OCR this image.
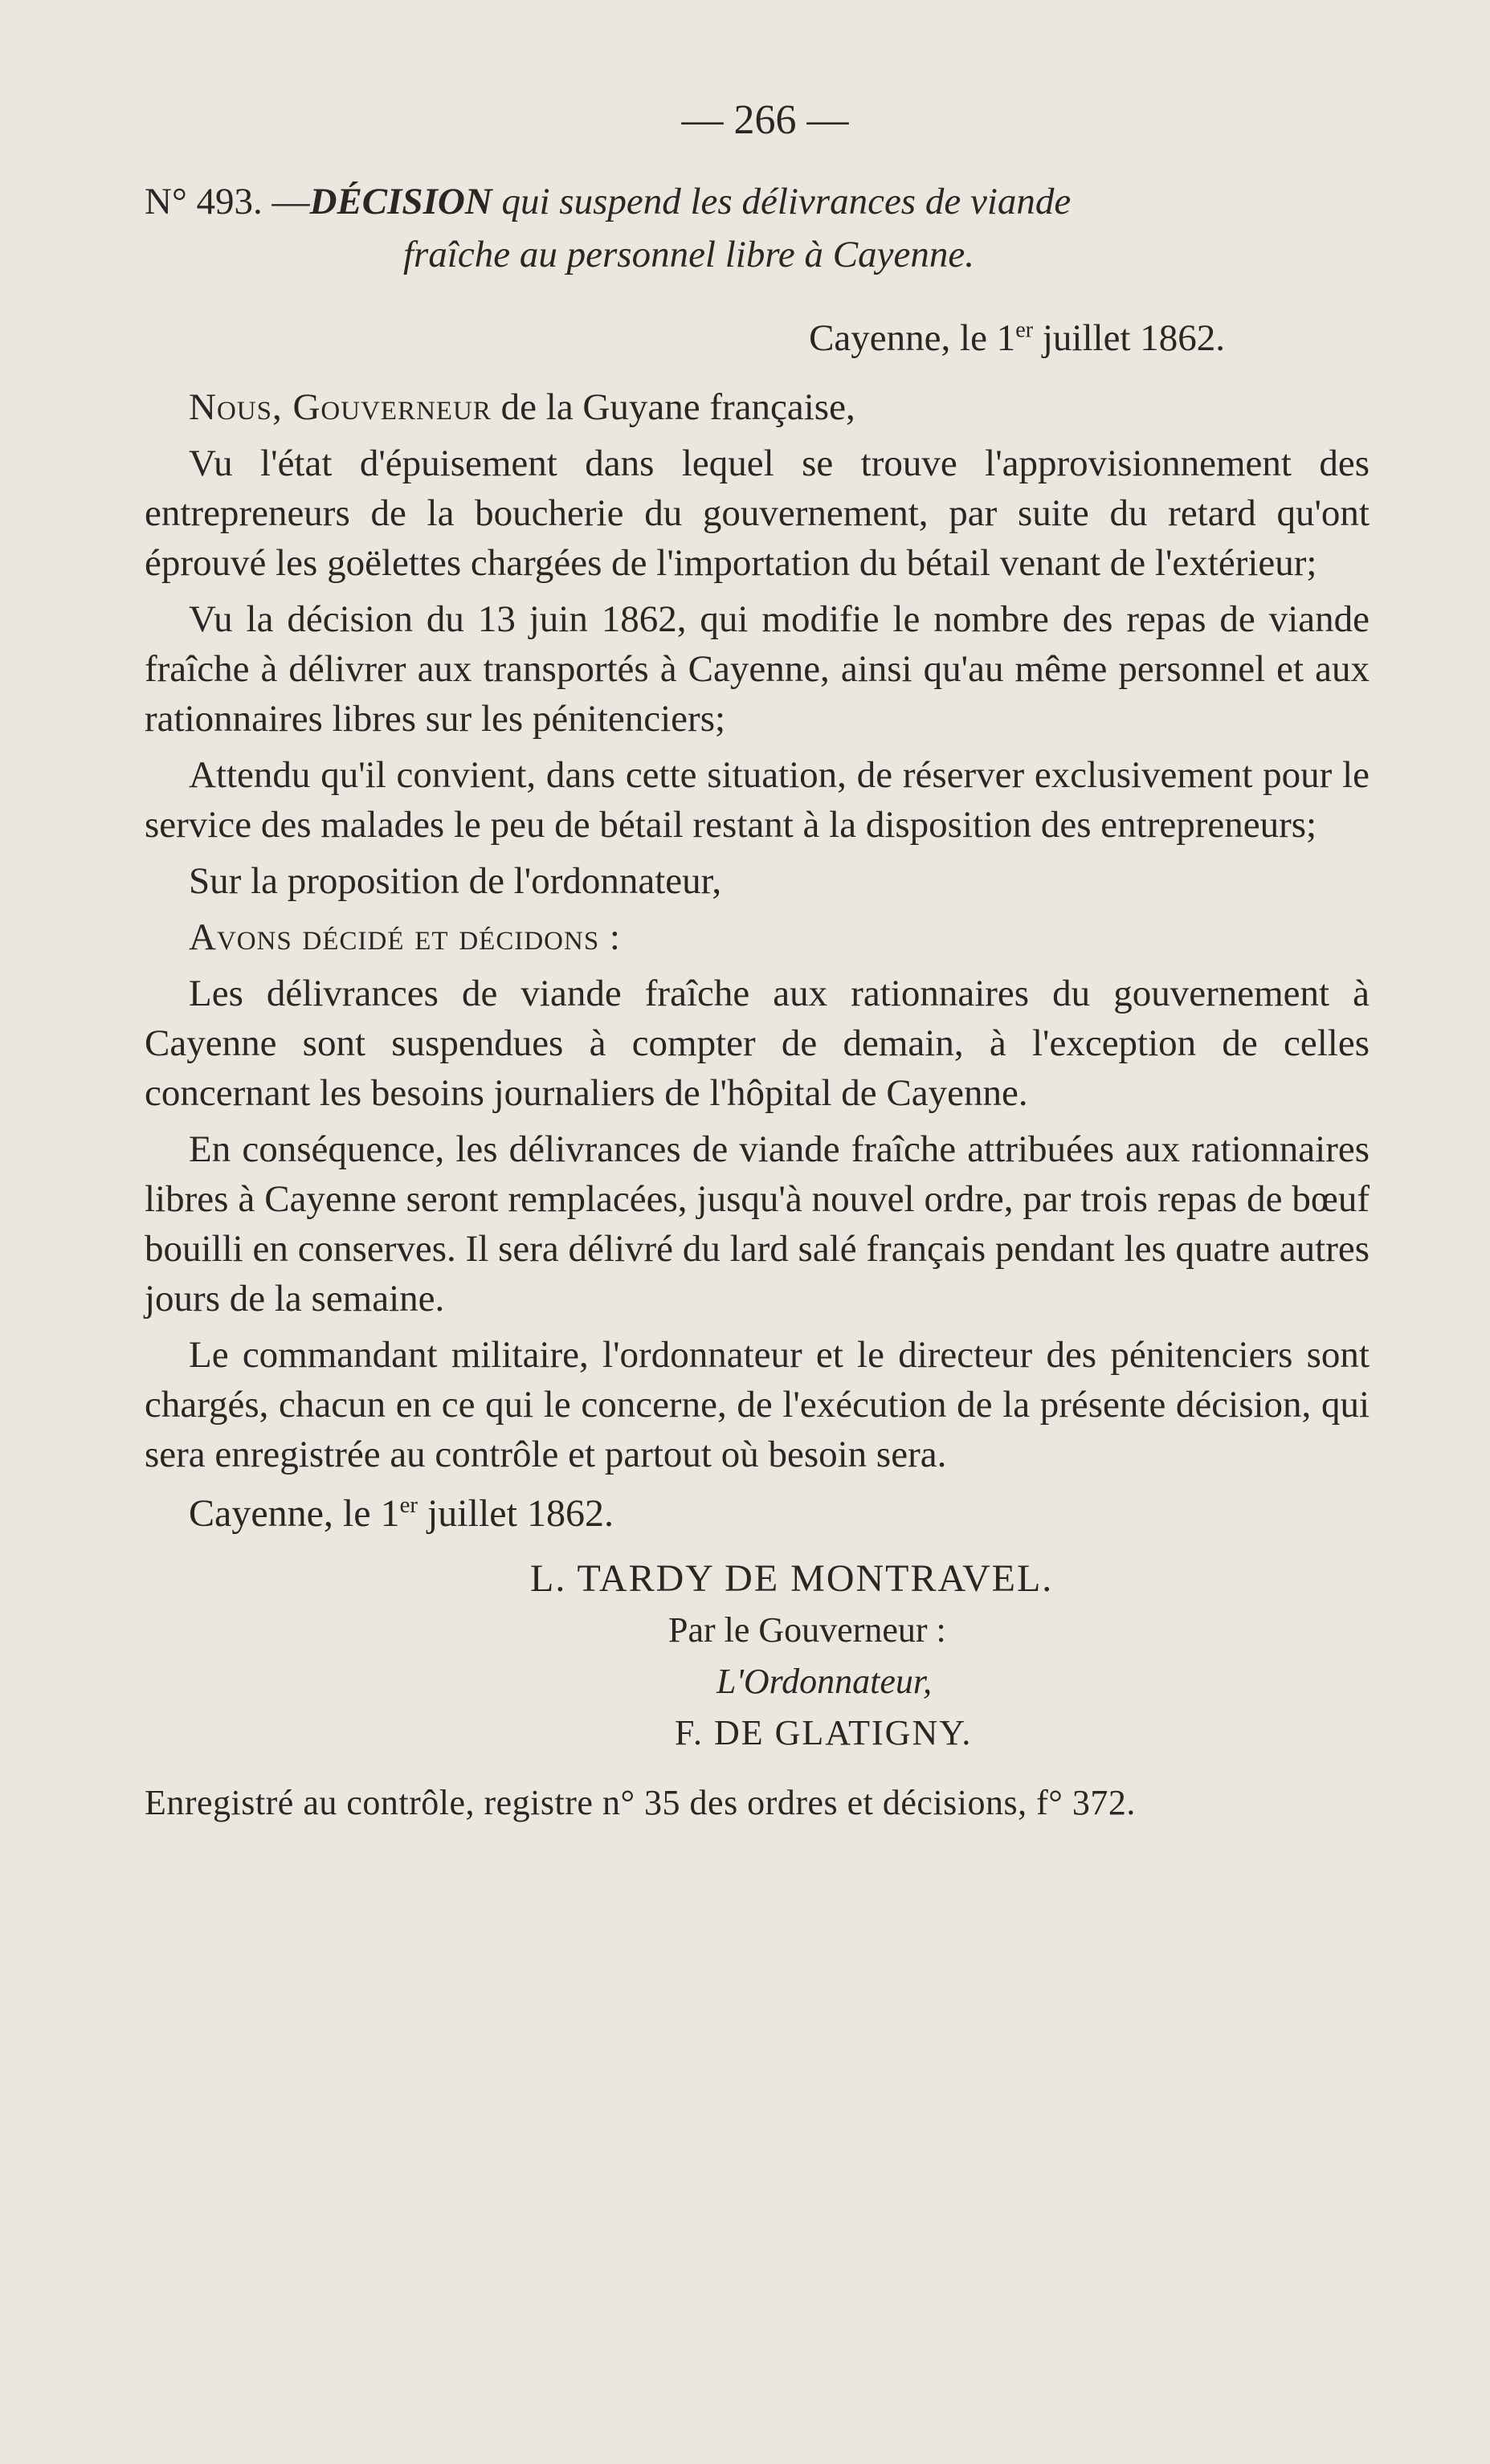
— 266 —
N° 493. —DÉCISION qui suspend les délivrances de viande
fraîche au personnel libre à Cayenne.
Cayenne, le 1er juillet 1862.

Nous, Gouverneur de la Guyane française,

Vu l'état d'épuisement dans lequel se trouve l'approvisionnement des entrepreneurs de la boucherie du gouvernement, par suite du retard qu'ont éprouvé les goëlettes chargées de l'importation du bétail venant de l'extérieur;

Vu la décision du 13 juin 1862, qui modifie le nombre des repas de viande fraîche à délivrer aux transportés à Cayenne, ainsi qu'au même personnel et aux rationnaires libres sur les pénitenciers;

Attendu qu'il convient, dans cette situation, de réserver exclusivement pour le service des malades le peu de bétail restant à la disposition des entrepreneurs;

Sur la proposition de l'ordonnateur,

Avons décidé et décidons :

Les délivrances de viande fraîche aux rationnaires du gouvernement à Cayenne sont suspendues à compter de demain, à l'exception de celles concernant les besoins journaliers de l'hôpital de Cayenne.

En conséquence, les délivrances de viande fraîche attribuées aux rationnaires libres à Cayenne seront remplacées, jusqu'à nouvel ordre, par trois repas de bœuf bouilli en conserves. Il sera délivré du lard salé français pendant les quatre autres jours de la semaine.

Le commandant militaire, l'ordonnateur et le directeur des pénitenciers sont chargés, chacun en ce qui le concerne, de l'exécution de la présente décision, qui sera enregistrée au contrôle et partout où besoin sera.

Cayenne, le 1er juillet 1862.

L. TARDY DE MONTRAVEL.

Par le Gouverneur :

L'Ordonnateur,

F. DE GLATIGNY.

Enregistré au contrôle, registre n° 35 des ordres et décisions, f° 372.
